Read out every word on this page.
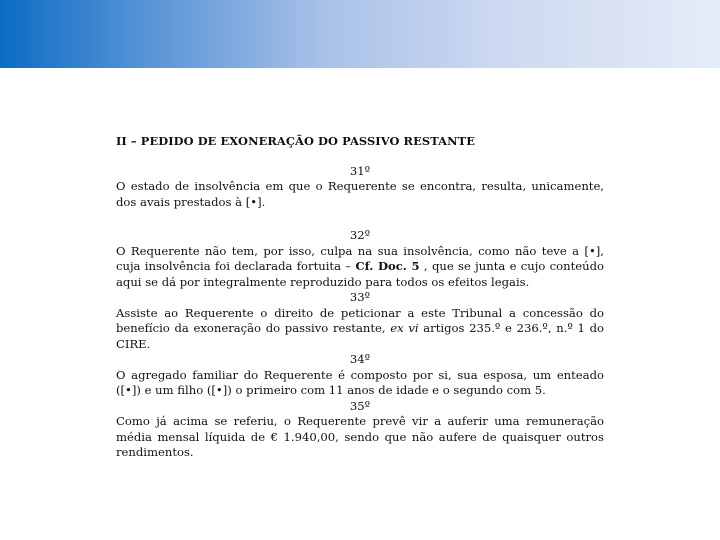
II – PEDIDO DE EXONERAÇÃO DO PASSIVO RESTANTE

31º

O estado de insolvência em que o Requerente se encontra, resulta, unicamente, dos avais prestados à [•].

32º

O Requerente não tem, por isso, culpa na sua insolvência, como não teve a [•], cuja insolvência foi declarada fortuita – Cf. Doc. 5 , que se junta e cujo conteúdo aqui se dá por integralmente reproduzido para todos os efeitos legais.

33º

Assiste ao Requerente o direito de peticionar a este Tribunal a concessão do benefício da exoneração do passivo restante, ex vi artigos 235.º e 236.º, n.º 1 do CIRE.

34º

O agregado familiar do Requerente é composto por si, sua esposa, um enteado ([•]) e um filho ([•]) o primeiro com 11 anos de idade e o segundo com 5.

35º

Como já acima se referiu, o Requerente prevê vir a auferir uma remuneração média mensal líquida de € 1.940,00, sendo que não aufere de quaisquer outros rendimentos.
